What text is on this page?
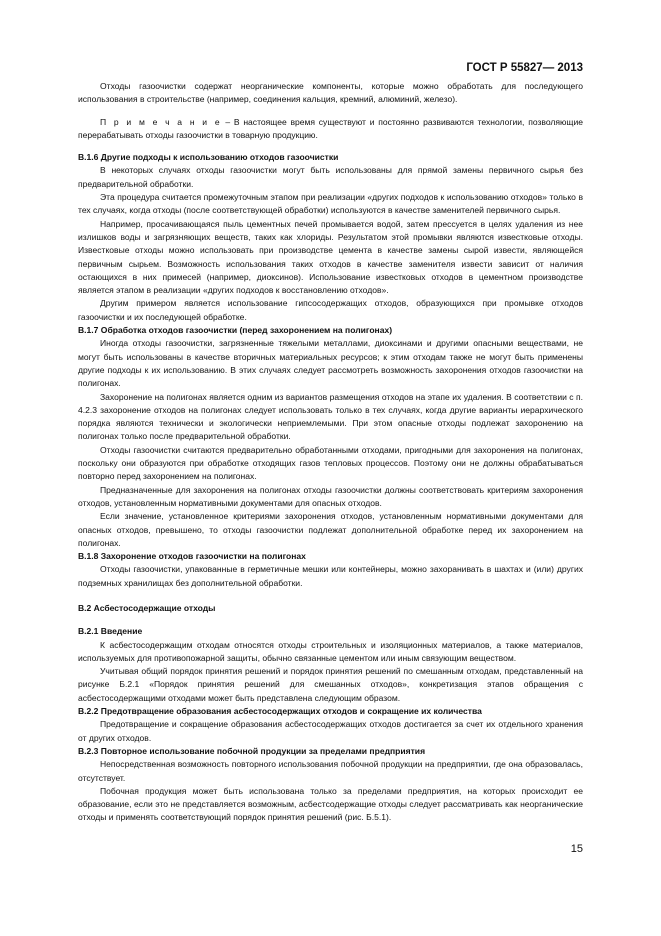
ГОСТ Р 55827— 2013

Отходы газоочистки содержат неорганические компоненты, которые можно обработать для последующего использования в строительстве (например, соединения кальция, кремний, алюминий, железо).

П р и м е ч а н и е – В настоящее время существуют и постоянно развиваются технологии, позволяющие перерабатывать отходы газоочистки в товарную продукцию.

В.1.6 Другие подходы к использованию отходов газоочистки

В некоторых случаях отходы газоочистки могут быть использованы для прямой замены первичного сырья без предварительной обработки.

Эта процедура считается промежуточным этапом при реализации «других подходов к использованию отходов» только в тех случаях, когда отходы (после соответствующей обработки) используются в качестве заменителей первичного сырья.

Например, просачивающаяся пыль цементных печей промывается водой, затем прессуется в целях удаления из нее излишков воды и загрязняющих веществ, таких как хлориды. Результатом этой промывки являются известковые отходы. Известковые отходы можно использовать при производстве цемента в качестве замены сырой извести, являющейся первичным сырьем. Возможность использования таких отходов в качестве заменителя извести зависит от наличия остающихся в них примесей (например, диоксинов). Использование известковых отходов в цементном производстве является этапом в реализации «других подходов к восстановлению отходов».

Другим примером является использование гипсосодержащих отходов, образующихся при промывке отходов газоочистки и их последующей обработке.

В.1.7 Обработка отходов газоочистки (перед захоронением на полигонах)

Иногда отходы газоочистки, загрязненные тяжелыми металлами, диоксинами и другими опасными веществами, не могут быть использованы в качестве вторичных материальных ресурсов; к этим отходам также не могут быть применены другие подходы к их использованию. В этих случаях следует рассмотреть возможность захоронения отходов газоочистки на полигонах.

Захоронение на полигонах является одним из вариантов размещения отходов на этапе их удаления. В соответствии с п. 4.2.3 захоронение отходов на полигонах следует использовать только в тех случаях, когда другие варианты иерархического порядка являются технически и экологически неприемлемыми. При этом опасные отходы подлежат захоронению на полигонах только после предварительной обработки.

Отходы газоочистки считаются предварительно обработанными отходами, пригодными для захоронения на полигонах, поскольку они образуются при обработке отходящих газов тепловых процессов. Поэтому они не должны обрабатываться повторно перед захоронением на полигонах.

Предназначенные для захоронения на полигонах отходы газоочистки должны соответствовать критериям захоронения отходов, установленным нормативными документами для опасных отходов.

Если значение, установленное критериями захоронения отходов, установленным нормативными документами для опасных отходов, превышено, то отходы газоочистки подлежат дополнительной обработке перед их захоронением на полигонах.

В.1.8 Захоронение отходов газоочистки на полигонах

Отходы газоочистки, упакованные в герметичные мешки или контейнеры, можно захоранивать в шахтах и (или) других подземных хранилищах без дополнительной обработки.

В.2 Асбестосодержащие отходы
В.2.1 Введение

К асбестосодержащим отходам относятся отходы строительных и изоляционных материалов, а также материалов, используемых для противопожарной защиты, обычно связанные цементом или иным связующим веществом.

Учитывая общий порядок принятия решений и порядок принятия решений по смешанным отходам, представленный на рисунке Б.2.1 «Порядок принятия решений для смешанных отходов», конкретизация этапов обращения с асбестосодержащими отходами может быть представлена следующим образом.

В.2.2 Предотвращение образования асбестосодержащих отходов и сокращение их количества

Предотвращение и сокращение образования асбестосодержащих отходов достигается за счет их отдельного хранения от других отходов.

В.2.3 Повторное использование побочной продукции за пределами предприятия

Непосредственная возможность повторного использования побочной продукции на предприятии, где она образовалась, отсутствует.

Побочная продукция может быть использована только за пределами предприятия, на которых происходит ее образование, если это не представляется возможным, асбестсодержащие отходы следует рассматривать как неорганические отходы и применять соответствующий порядок принятия решений (рис. Б.5.1).

15
